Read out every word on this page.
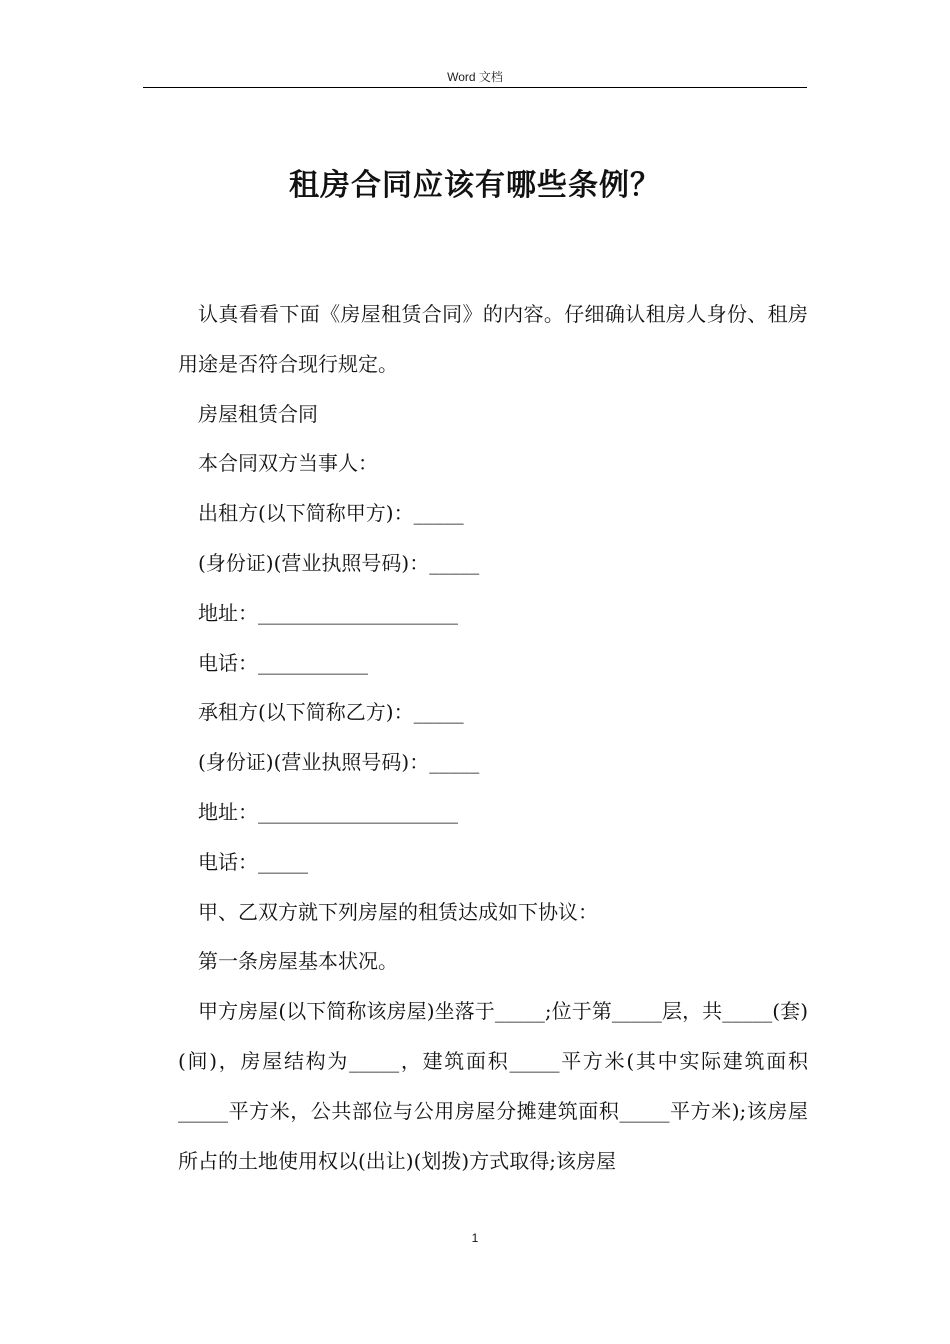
Word 文档
租房合同应该有哪些条例？

认真看看下面《房屋租赁合同》的内容。仔细确认租房人身份、租房用途是否符合现行规定。

房屋租赁合同

本合同双方当事人：

出租方(以下简称甲方)：_____

(身份证)(营业执照号码)：_____

地址：____________________

电话：___________

承租方(以下简称乙方)：_____

(身份证)(营业执照号码)：_____

地址：____________________

电话：_____

甲、乙双方就下列房屋的租赁达成如下协议：

第一条房屋基本状况。

甲方房屋(以下简称该房屋)坐落于_____;位于第_____层，共_____(套)(间)，房屋结构为_____，建筑面积_____平方米(其中实际建筑面积_____平方米，公共部位与公用房屋分摊建筑面积_____平方米);该房屋所占的土地使用权以(出让)(划拨)方式取得;该房屋

1
